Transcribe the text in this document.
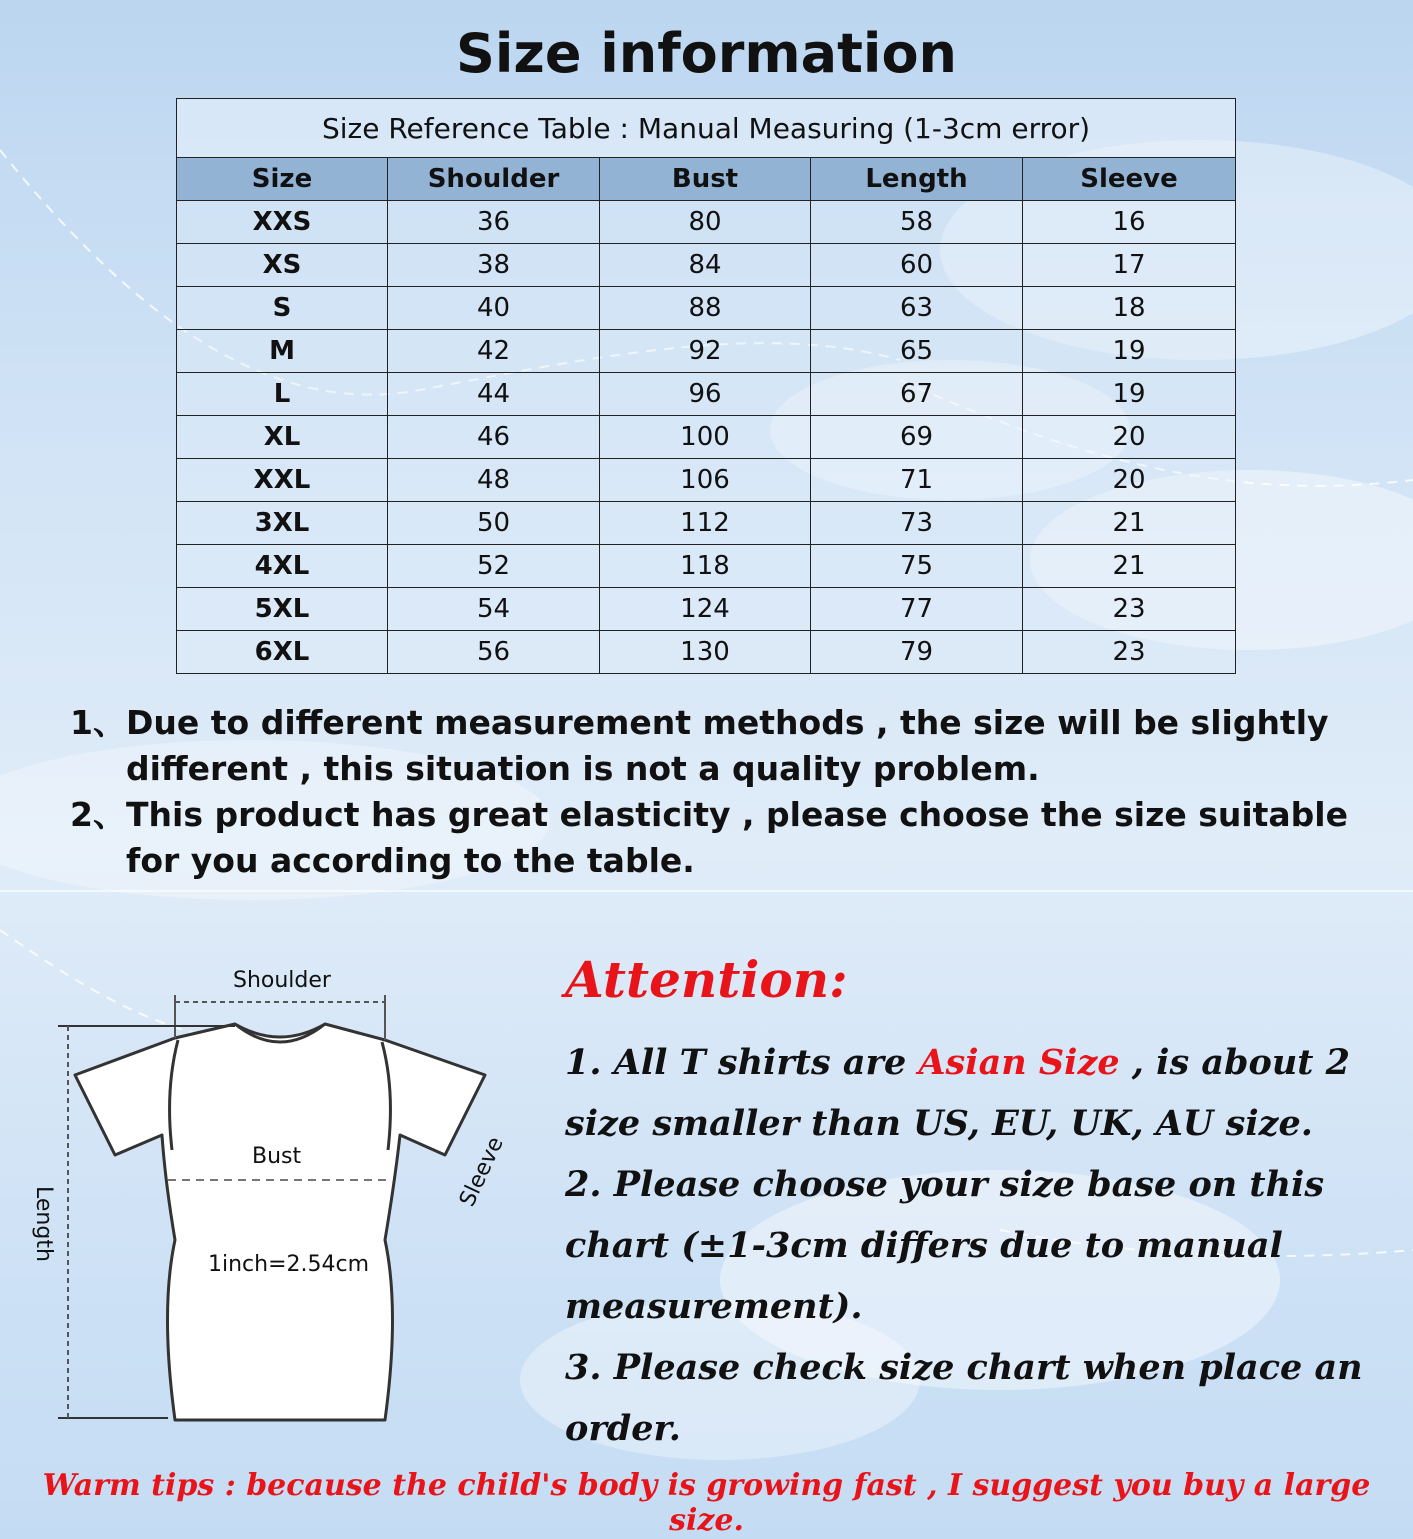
Size information
Size Reference Table : Manual Measuring (1-3cm error)				
Size	Shoulder	Bust	Length	Sleeve
XXS	36	80	58	16
XS	38	84	60	17
S	40	88	63	18
M	42	92	65	19
L	44	96	67	19
XL	46	100	69	20
XXL	48	106	71	20
3XL	50	112	73	21
4XL	52	118	75	21
5XL	54	124	77	23
6XL	56	130	79	23
1、 Due to different measurement methods , the size will be slightly different , this situation is not a quality problem.
2、 This product has great elasticity , please choose the size suitable for you according to the table.
Shoulder
Bust
1inch=2.54cm
Length
Sleeve
Attention:
1. All T shirts are Asian Size , is about 2 size smaller than US, EU, UK, AU size.
2. Please choose your size base on this chart (±1-3cm differs due to manual measurement).
3. Please check size chart when place an order.
Warm tips : because the child's body is growing fast , I suggest you buy a large size.
